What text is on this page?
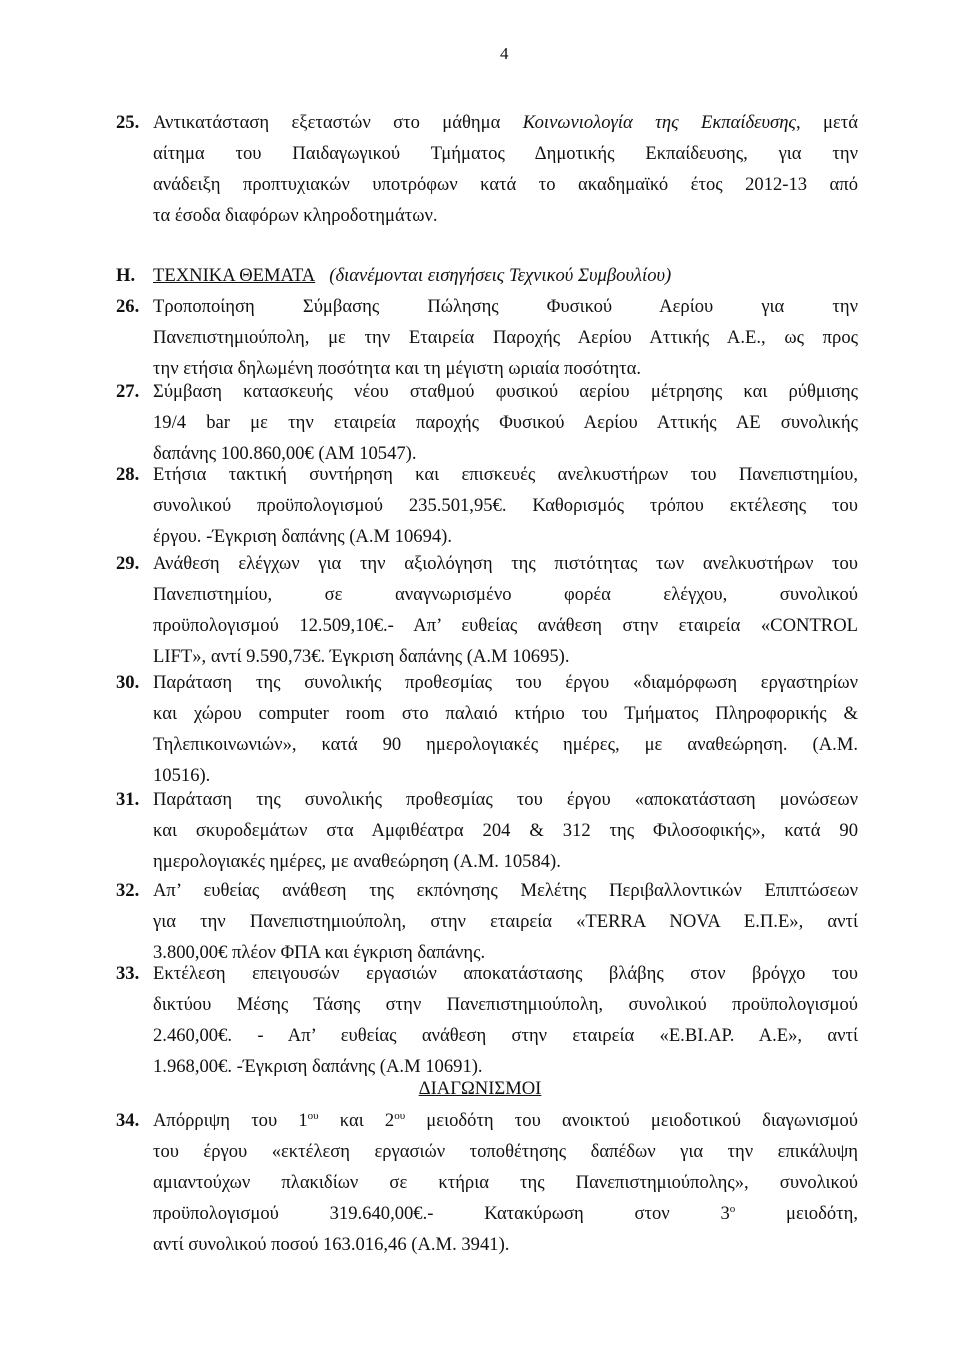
4
25. Αντικατάσταση εξεταστών στο μάθημα Κοινωνιολογία της Εκπαίδευσης, μετά
αίτημα του Παιδαγωγικού Τμήματος Δημοτικής Εκπαίδευσης, για την
ανάδειξη προπτυχιακών υποτρόφων κατά το ακαδημαϊκό έτος 2012-13 από
τα έσοδα διαφόρων κληροδοτημάτων.
Η. ΤΕΧΝΙΚΑ ΘΕΜΑΤΑ (διανέμονται εισηγήσεις Τεχνικού Συμβουλίου)
26. Τροποποίηση Σύμβασης Πώλησης Φυσικού Αερίου για την
Πανεπιστημιούπολη, με την Εταιρεία Παροχής Αερίου Αττικής Α.Ε., ως προς
την ετήσια δηλωμένη ποσότητα και τη μέγιστη ωριαία ποσότητα.
27. Σύμβαση κατασκευής νέου σταθμού φυσικού αερίου μέτρησης και ρύθμισης
19/4 bar με την εταιρεία παροχής Φυσικού Αερίου Αττικής ΑΕ συνολικής
δαπάνης 100.860,00€ (ΑΜ 10547).
28. Ετήσια τακτική συντήρηση και επισκευές ανελκυστήρων του Πανεπιστημίου,
συνολικού προϋπολογισμού 235.501,95€. Καθορισμός τρόπου εκτέλεσης του
έργου. -Έγκριση δαπάνης (Α.Μ 10694).
29. Ανάθεση ελέγχων για την αξιολόγηση της πιστότητας των ανελκυστήρων του
Πανεπιστημίου, σε αναγνωρισμένο φορέα ελέγχου, συνολικού
προϋπολογισμού 12.509,10€.- Απ’ ευθείας ανάθεση στην εταιρεία «CONTROL
LIFT», αντί 9.590,73€. Έγκριση δαπάνης (Α.Μ 10695).
30. Παράταση της συνολικής προθεσμίας του έργου «διαμόρφωση εργαστηρίων
και χώρου computer room στο παλαιό κτήριο του Τμήματος Πληροφορικής &
Τηλεπικοινωνιών», κατά 90 ημερολογιακές ημέρες, με αναθεώρηση. (Α.Μ.
10516).
31. Παράταση της συνολικής προθεσμίας του έργου «αποκατάσταση μονώσεων
και σκυροδεμάτων στα Αμφιθέατρα 204 & 312 της Φιλοσοφικής», κατά 90
ημερολογιακές ημέρες, με αναθεώρηση (Α.Μ. 10584).
32. Απ’ ευθείας ανάθεση της εκπόνησης Μελέτης Περιβαλλοντικών Επιπτώσεων
για την Πανεπιστημιούπολη, στην εταιρεία «TERRA NOVA Ε.Π.Ε», αντί
3.800,00€ πλέον ΦΠΑ και έγκριση δαπάνης.
33. Εκτέλεση επειγουσών εργασιών αποκατάστασης βλάβης στον βρόγχο του
δικτύου Μέσης Τάσης στην Πανεπιστημιούπολη, συνολικού προϋπολογισμού
2.460,00€. - Απ’ ευθείας ανάθεση στην εταιρεία «Ε.ΒΙ.ΑΡ. Α.Ε», αντί
1.968,00€. -Έγκριση δαπάνης (Α.Μ 10691).
ΔΙΑΓΩΝΙΣΜΟΙ
34. Απόρριψη του $1^{o\upsilon}$ και $2^{o\upsilon}$ μειοδότη του ανοικτού μειοδοτικού διαγωνισμού
του έργου «εκτέλεση εργασιών τοποθέτησης δαπέδων για την επικάλυψη
αμιαντούχων πλακιδίων σε κτήρια της Πανεπιστημιούπολης», συνολικού
προϋπολογισμού 319.640,00€.- Κατακύρωση στον $3^o$ μειοδότη,
αντί συνολικού ποσού 163.016,46 (Α.Μ. 3941).
